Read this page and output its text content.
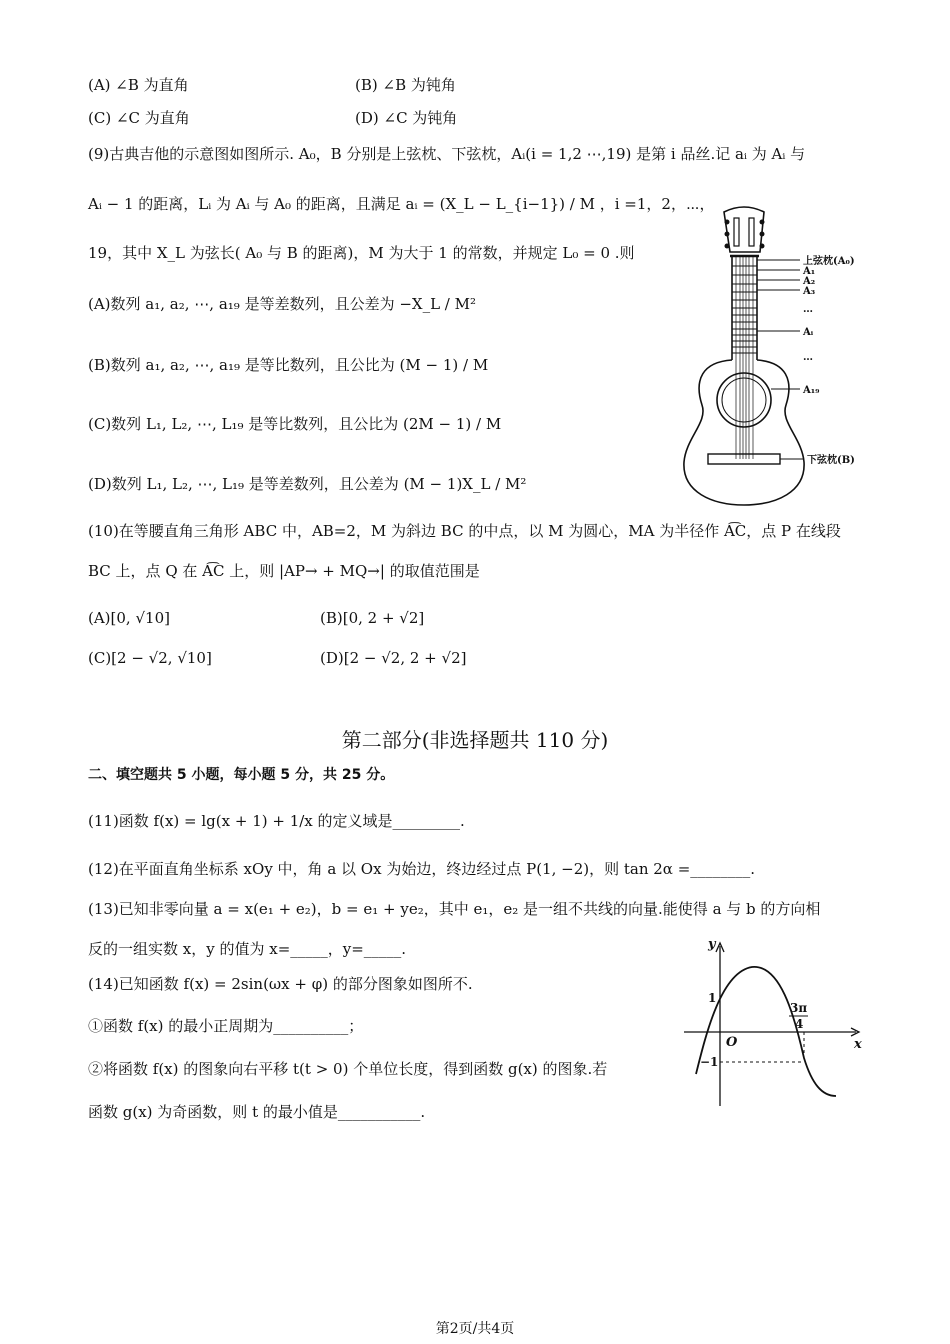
(A) ∠B 为直角	(B) ∠B 为钝角
(C) ∠C 为直角	(D) ∠C 为钝角
(9)古典吉他的示意图如图所示. A₀，B 分别是上弦枕、下弦枕，Aᵢ(i = 1,2 ⋯,19) 是第 i 品丝.记 aᵢ 为 Aᵢ 与
Aᵢ − 1 的距离，Lᵢ 为 Aᵢ 与 A₀ 的距离，且满足 aᵢ = (X_L − L_{i−1}) / M ，i =1，2，⋯，
19，其中 X_L 为弦长( A₀ 与 B 的距离)，M 为大于 1 的常数，并规定 L₀ = 0 .则
(A)数列 a₁, a₂, ⋯, a₁₉ 是等差数列，且公差为 −X_L / M²
(B)数列 a₁, a₂, ⋯, a₁₉ 是等比数列，且公比为 (M − 1) / M
(C)数列 L₁, L₂, ⋯, L₁₉ 是等比数列，且公比为 (2M − 1) / M
(D)数列 L₁, L₂, ⋯, L₁₉ 是等差数列，且公差为 (M − 1)X_L / M²
上弦枕(A₀)
A₁
A₂
A₃
…
Aᵢ
…
A₁₉
下弦枕(B)
(10)在等腰直角三角形 ABC 中，AB=2，M 为斜边 BC 的中点，以 M 为圆心，MA 为半径作 A͡C，点 P 在线段
BC 上，点 Q 在 A͡C 上，则 |AP→ + MQ→| 的取值范围是
(A)[0, √10]	(B)[0, 2 + √2]
(C)[2 − √2, √10]	(D)[2 − √2, 2 + √2]
第二部分(非选择题共 110 分)
二、填空题共 5 小题，每小题 5 分，共 25 分。
(11)函数 f(x) = lg(x + 1) + 1/x 的定义域是_________.
(12)在平面直角坐标系 xOy 中，角 a 以 Ox 为始边，终边经过点 P(1, −2)，则 tan 2α =________.
(13)已知非零向量 a = x(e₁ + e₂)，b = e₁ + ye₂，其中 e₁，e₂ 是一组不共线的向量.能使得 a 与 b 的方向相
反的一组实数 x，y 的值为 x=_____，y=_____.
(14)已知函数 f(x) = 2sin(ωx + φ) 的部分图象如图所不.
①函数 f(x) 的最小正周期为__________；
②将函数 f(x) 的图象向右平移 t(t > 0) 个单位长度，得到函数 g(x) 的图象.若
函数 g(x) 为奇函数，则 t 的最小值是___________.
y
x
O
1
−1
3π
4
第2页/共4页
